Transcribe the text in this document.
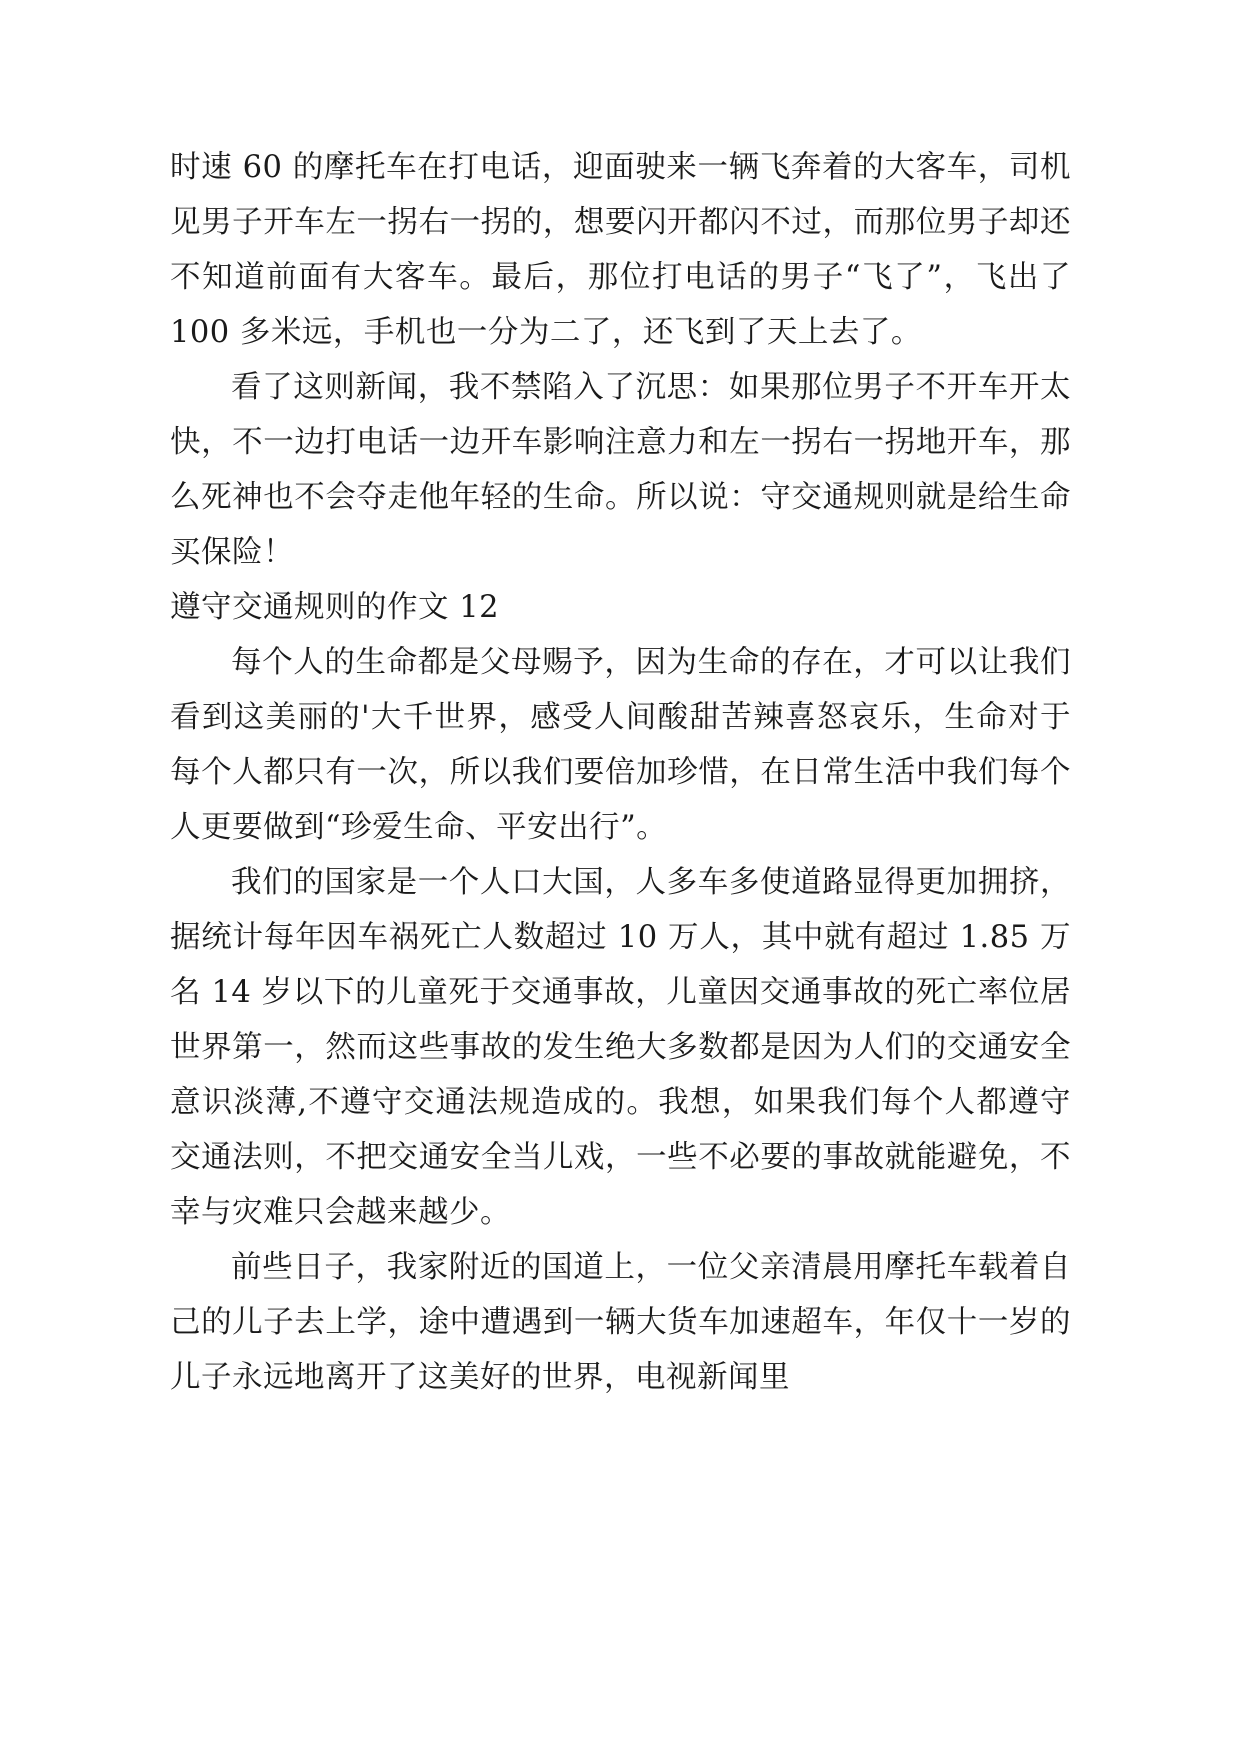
时速 60 的摩托车在打电话，迎面驶来一辆飞奔着的大客车，司机见男子开车左一拐右一拐的，想要闪开都闪不过，而那位男子却还不知道前面有大客车。最后，那位打电话的男子“飞了”，飞出了 100 多米远，手机也一分为二了，还飞到了天上去了。

看了这则新闻，我不禁陷入了沉思：如果那位男子不开车开太快，不一边打电话一边开车影响注意力和左一拐右一拐地开车，那么死神也不会夺走他年轻的生命。所以说：守交通规则就是给生命买保险！

遵守交通规则的作文 12

每个人的生命都是父母赐予，因为生命的存在，才可以让我们看到这美丽的'大千世界，感受人间酸甜苦辣喜怒哀乐，生命对于每个人都只有一次，所以我们要倍加珍惜，在日常生活中我们每个人更要做到“珍爱生命、平安出行”。

我们的国家是一个人口大国，人多车多使道路显得更加拥挤，据统计每年因车祸死亡人数超过 10 万人，其中就有超过 1.85 万名 14 岁以下的儿童死于交通事故，儿童因交通事故的死亡率位居世界第一，然而这些事故的发生绝大多数都是因为人们的交通安全意识淡薄,不遵守交通法规造成的。我想，如果我们每个人都遵守交通法则，不把交通安全当儿戏，一些不必要的事故就能避免，不幸与灾难只会越来越少。

前些日子，我家附近的国道上，一位父亲清晨用摩托车载着自己的儿子去上学，途中遭遇到一辆大货车加速超车，年仅十一岁的儿子永远地离开了这美好的世界，电视新闻里
